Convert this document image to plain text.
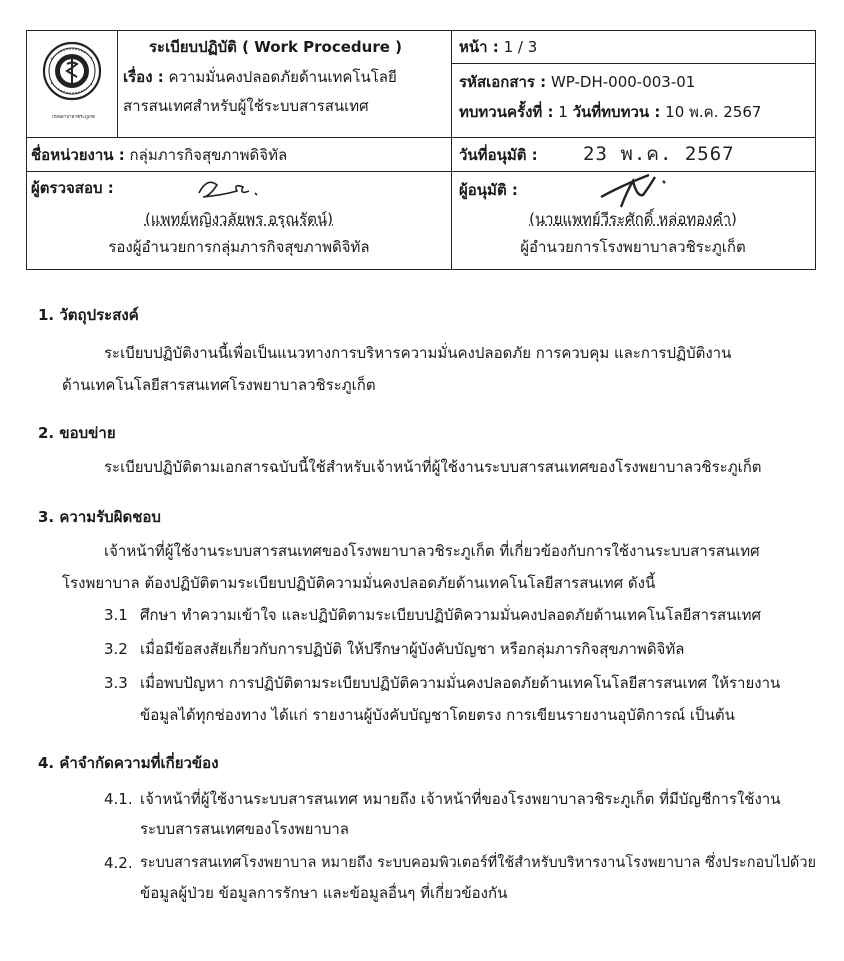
โรงพยาบาลวชิระภูเก็ต
ระเบียบปฏิบัติ ( Work Procedure )
เรื่อง : ความมั่นคงปลอดภัยด้านเทคโนโลยี
สารสนเทศสำหรับผู้ใช้ระบบสารสนเทศ
หน้า : 1 / 3
รหัสเอกสาร : WP-DH-000-003-01
ทบทวนครั้งที่ : 1 วันที่ทบทวน : 10 พ.ค. 2567
ชื่อหน่วยงาน : กลุ่มภารกิจสุขภาพดิจิทัล	วันที่อนุมัติ : 23 พ.ค. 2567
ผู้ตรวจสอบ :
(แพทย์หญิงวลัยพร อรุณรัตน์)
รองผู้อำนวยการกลุ่มภารกิจสุขภาพดิจิทัล
ผู้อนุมัติ :
(นายแพทย์วีระศักดิ์ หล่อทองคำ)
ผู้อำนวยการโรงพยาบาลวชิระภูเก็ต
1. วัตถุประสงค์
ระเบียบปฏิบัติงานนี้เพื่อเป็นแนวทางการบริหารความมั่นคงปลอดภัย การควบคุม และการปฏิบัติงาน
ด้านเทคโนโลยีสารสนเทศโรงพยาบาลวชิระภูเก็ต
2. ขอบข่าย
ระเบียบปฏิบัติตามเอกสารฉบับนี้ใช้สำหรับเจ้าหน้าที่ผู้ใช้งานระบบสารสนเทศของโรงพยาบาลวชิระภูเก็ต
3. ความรับผิดชอบ
เจ้าหน้าที่ผู้ใช้งานระบบสารสนเทศของโรงพยาบาลวชิระภูเก็ต ที่เกี่ยวข้องกับการใช้งานระบบสารสนเทศ
โรงพยาบาล ต้องปฏิบัติตามระเบียบปฏิบัติความมั่นคงปลอดภัยด้านเทคโนโลยีสารสนเทศ ดังนี้
3.1 ศึกษา ทำความเข้าใจ และปฏิบัติตามระเบียบปฏิบัติความมั่นคงปลอดภัยด้านเทคโนโลยีสารสนเทศ
3.2 เมื่อมีข้อสงสัยเกี่ยวกับการปฏิบัติ ให้ปรึกษาผู้บังคับบัญชา หรือกลุ่มภารกิจสุขภาพดิจิทัล
3.3 เมื่อพบปัญหา การปฏิบัติตามระเบียบปฏิบัติความมั่นคงปลอดภัยด้านเทคโนโลยีสารสนเทศ ให้รายงาน
ข้อมูลได้ทุกช่องทาง ได้แก่ รายงานผู้บังคับบัญชาโดยตรง การเขียนรายงานอุบัติการณ์ เป็นต้น
4. คำจำกัดความที่เกี่ยวข้อง
4.1. เจ้าหน้าที่ผู้ใช้งานระบบสารสนเทศ หมายถึง เจ้าหน้าที่ของโรงพยาบาลวชิระภูเก็ต ที่มีบัญชีการใช้งาน
ระบบสารสนเทศของโรงพยาบาล
4.2. ระบบสารสนเทศโรงพยาบาล หมายถึง ระบบคอมพิวเตอร์ที่ใช้สำหรับบริหารงานโรงพยาบาล ซึ่งประกอบไปด้วย
ข้อมูลผู้ป่วย ข้อมูลการรักษา และข้อมูลอื่นๆ ที่เกี่ยวข้องกัน
